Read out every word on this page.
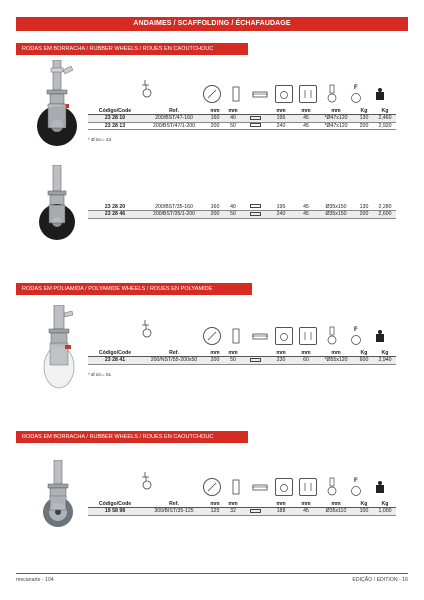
ANDAIMES / SCAFFOLDING / ÉCHAFAUDAGE
RODAS EM BORRACHA / RUBBER WHEELS / ROUES EN CAOUTCHOUC
F
Código/Code	Ref.	mm	mm		mm	mm	mm	Kg	Kg
23 28 10	200/BST/47-160	160	40		195	45	*Ø47x120	130	2,460
23 28 13	200/BST/47/1-200	200	50		240	45	*Ø47x120	200	2,920
* Ø int.= 43
23 28 20	200/BST/35-160	160	40		195	45	Ø35x150	130	2,280
23 28 46	200/BST/35/1-200	200	50		240	45	Ø35x150	200	2,600
RODAS EM POLIAMIDA / POLYAMIDE WHEELS / ROUES EN POLYAMIDE
F
Código/Code	Ref.	mm	mm		mm	mm	mm	Kg	Kg
23 28 41	200/NST/55-200x50	200	50		230	60	*Ø55x120	600	2,940
* Ø int.= 51
RODAS EM BORRACHA / RUBBER WHEELS / ROUES EN CAOUTCHOUC
F
Código/Code	Ref.	mm	mm		mm	mm	mm	Kg	Kg
19 58 98	300/BIST/35-125	125	32		188	45	Ø35x110	100	1,000
mecanarte - 104	EDIÇÃO / EDITION - 16
